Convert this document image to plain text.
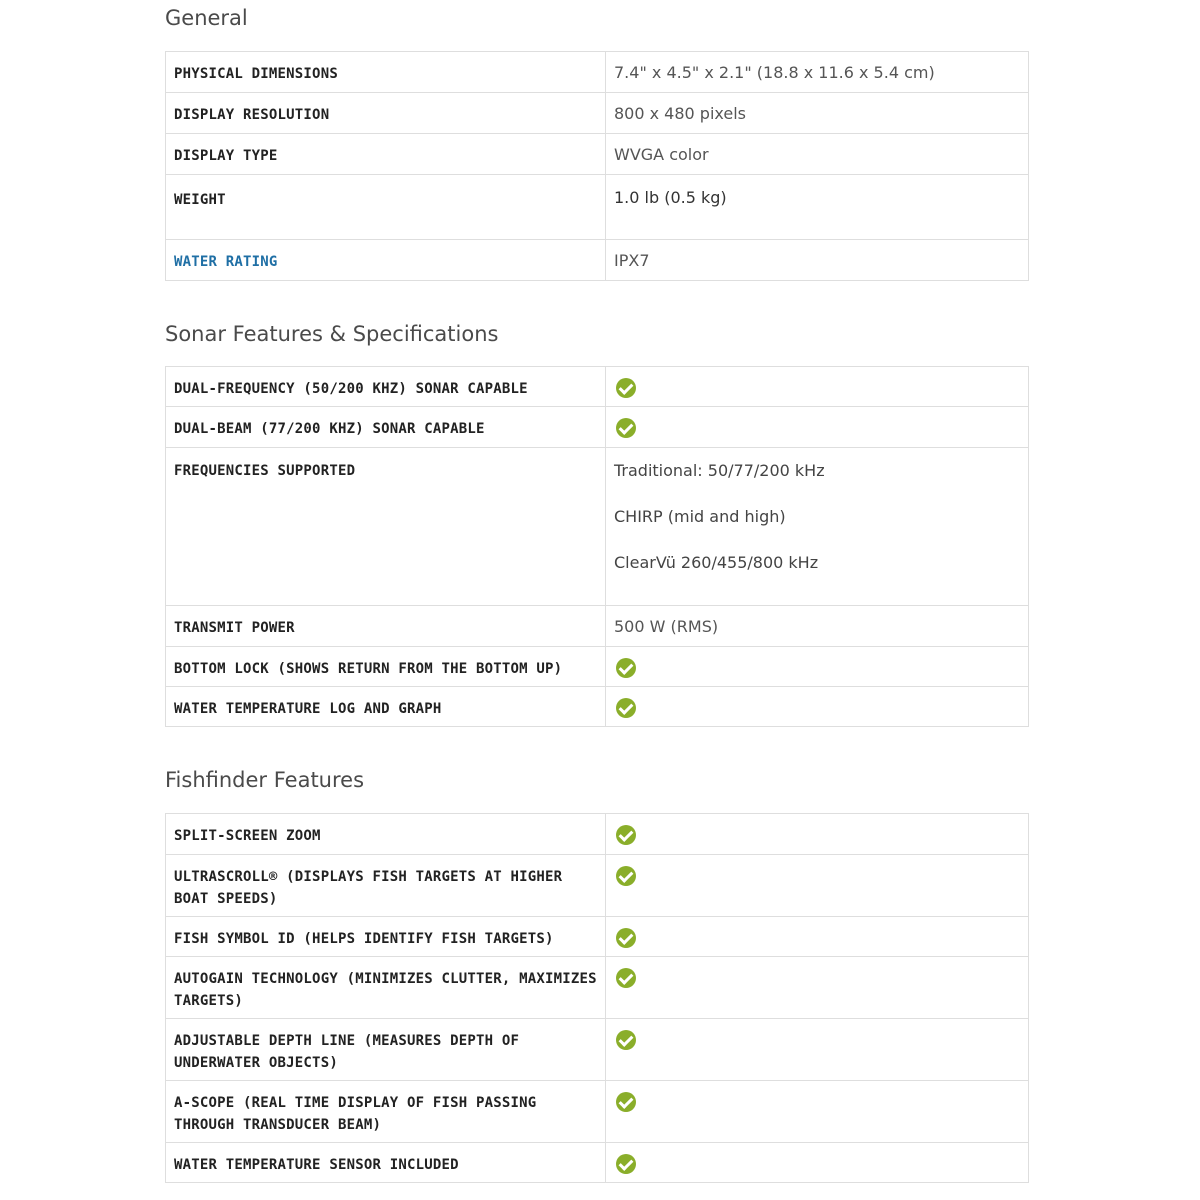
General
PHYSICAL DIMENSIONS	7.4" x 4.5" x 2.1" (18.8 x 11.6 x 5.4 cm)

DISPLAY RESOLUTION	800 x 480 pixels

DISPLAY TYPE	WVGA color

WEIGHT	1.0 lb (0.5 kg)

WATER RATING	IPX7
Sonar Features & Specifications
DUAL-FREQUENCY (50/200 KHZ) SONAR CAPABLE	

DUAL-BEAM (77/200 KHZ) SONAR CAPABLE	

FREQUENCIES SUPPORTED	Traditional: 50/77/200 kHz
CHIRP (mid and high)
ClearVü 260/455/800 kHz

TRANSMIT POWER	500 W (RMS)

BOTTOM LOCK (SHOWS RETURN FROM THE BOTTOM UP)	

WATER TEMPERATURE LOG AND GRAPH	

Fishfinder Features
SPLIT-SCREEN ZOOM	

ULTRASCROLL® (DISPLAYS FISH TARGETS AT HIGHER BOAT SPEEDS)	

FISH SYMBOL ID (HELPS IDENTIFY FISH TARGETS)	

AUTOGAIN TECHNOLOGY (MINIMIZES CLUTTER, MAXIMIZES TARGETS)	

ADJUSTABLE DEPTH LINE (MEASURES DEPTH OF UNDERWATER OBJECTS)	

A-SCOPE (REAL TIME DISPLAY OF FISH PASSING THROUGH TRANSDUCER BEAM)	

WATER TEMPERATURE SENSOR INCLUDED	
